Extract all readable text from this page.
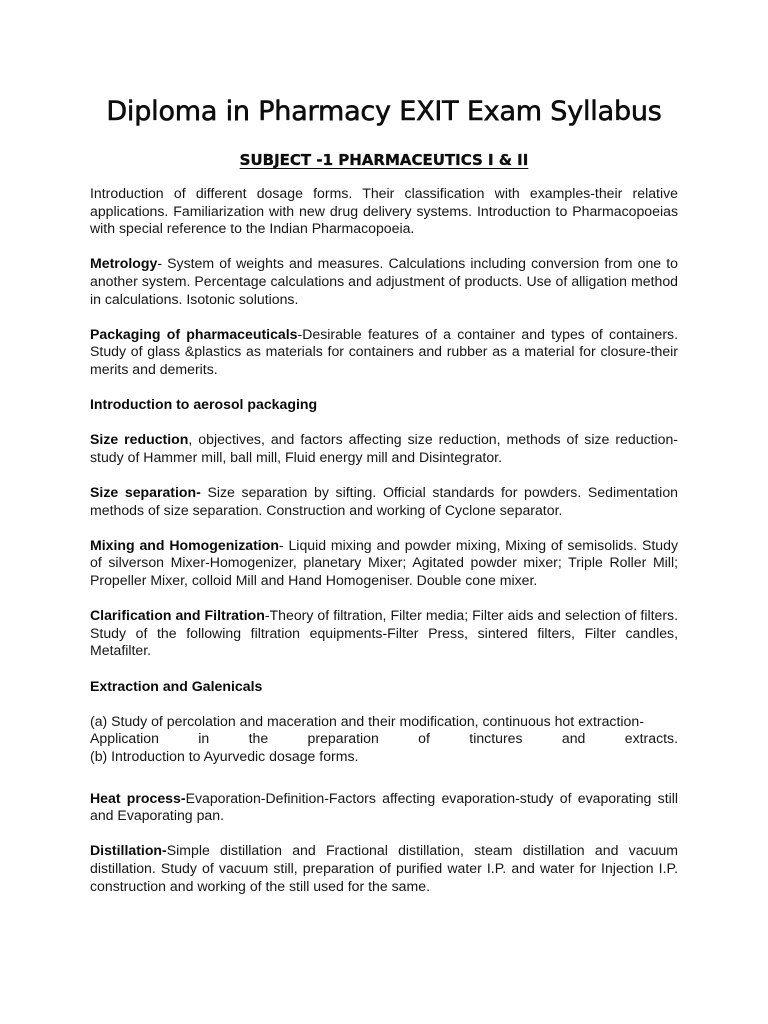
Diploma in Pharmacy EXIT Exam Syllabus
SUBJECT -1 PHARMACEUTICS I & II

Introduction of different dosage forms. Their classification with examples-their relative applications. Familiarization with new drug delivery systems. Introduction to Pharmacopoeias with special reference to the Indian Pharmacopoeia.

Metrology- System of weights and measures. Calculations including conversion from one to another system. Percentage calculations and adjustment of products. Use of alligation method in calculations. Isotonic solutions.

Packaging of pharmaceuticals-Desirable features of a container and types of containers. Study of glass &plastics as materials for containers and rubber as a material for closure-their merits and demerits.

Introduction to aerosol packaging

Size reduction, objectives, and factors affecting size reduction, methods of size reduction- study of Hammer mill, ball mill, Fluid energy mill and Disintegrator.

Size separation- Size separation by sifting. Official standards for powders. Sedimentation methods of size separation. Construction and working of Cyclone separator.

Mixing and Homogenization- Liquid mixing and powder mixing, Mixing of semisolids. Study of silverson Mixer-Homogenizer, planetary Mixer; Agitated powder mixer; Triple Roller Mill; Propeller Mixer, colloid Mill and Hand Homogeniser. Double cone mixer.

Clarification and Filtration-Theory of filtration, Filter media; Filter aids and selection of filters. Study of the following filtration equipments-Filter Press, sintered filters, Filter candles, Metafilter.

Extraction and Galenicals

(a) Study of percolation and maceration and their modification, continuous hot extraction-

Application in the preparation of tinctures and extracts.

(b) Introduction to Ayurvedic dosage forms.

Heat process-Evaporation-Definition-Factors affecting evaporation-study of evaporating still and Evaporating pan.

Distillation-Simple distillation and Fractional distillation, steam distillation and vacuum distillation. Study of vacuum still, preparation of purified water I.P. and water for Injection I.P. construction and working of the still used for the same.
